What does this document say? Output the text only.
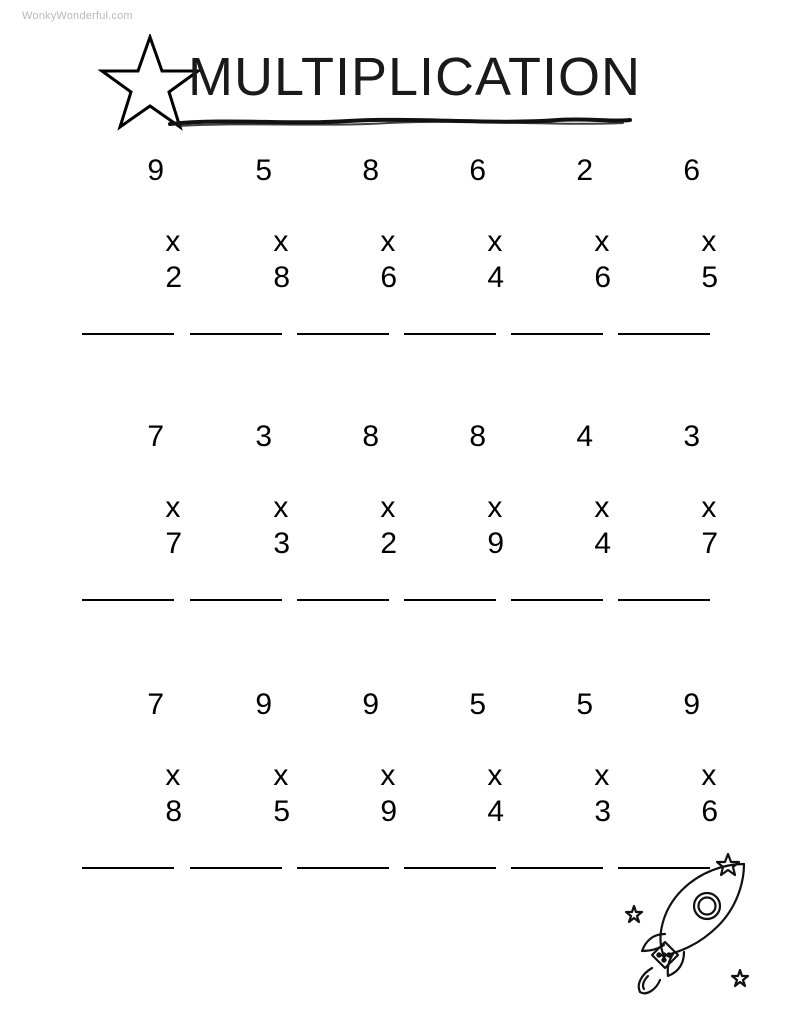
WonkyWonderful.com
MULTIPLICATION
9

x
2

5

x
8

8

x
6

6

x
4

2

x
6

6

x
5

7

x
7

3

x
3

8

x
2

8

x
9

4

x
4

3

x
7

7

x
8

9

x
5

9

x
9

5

x
4

5

x
3

9

x
6
